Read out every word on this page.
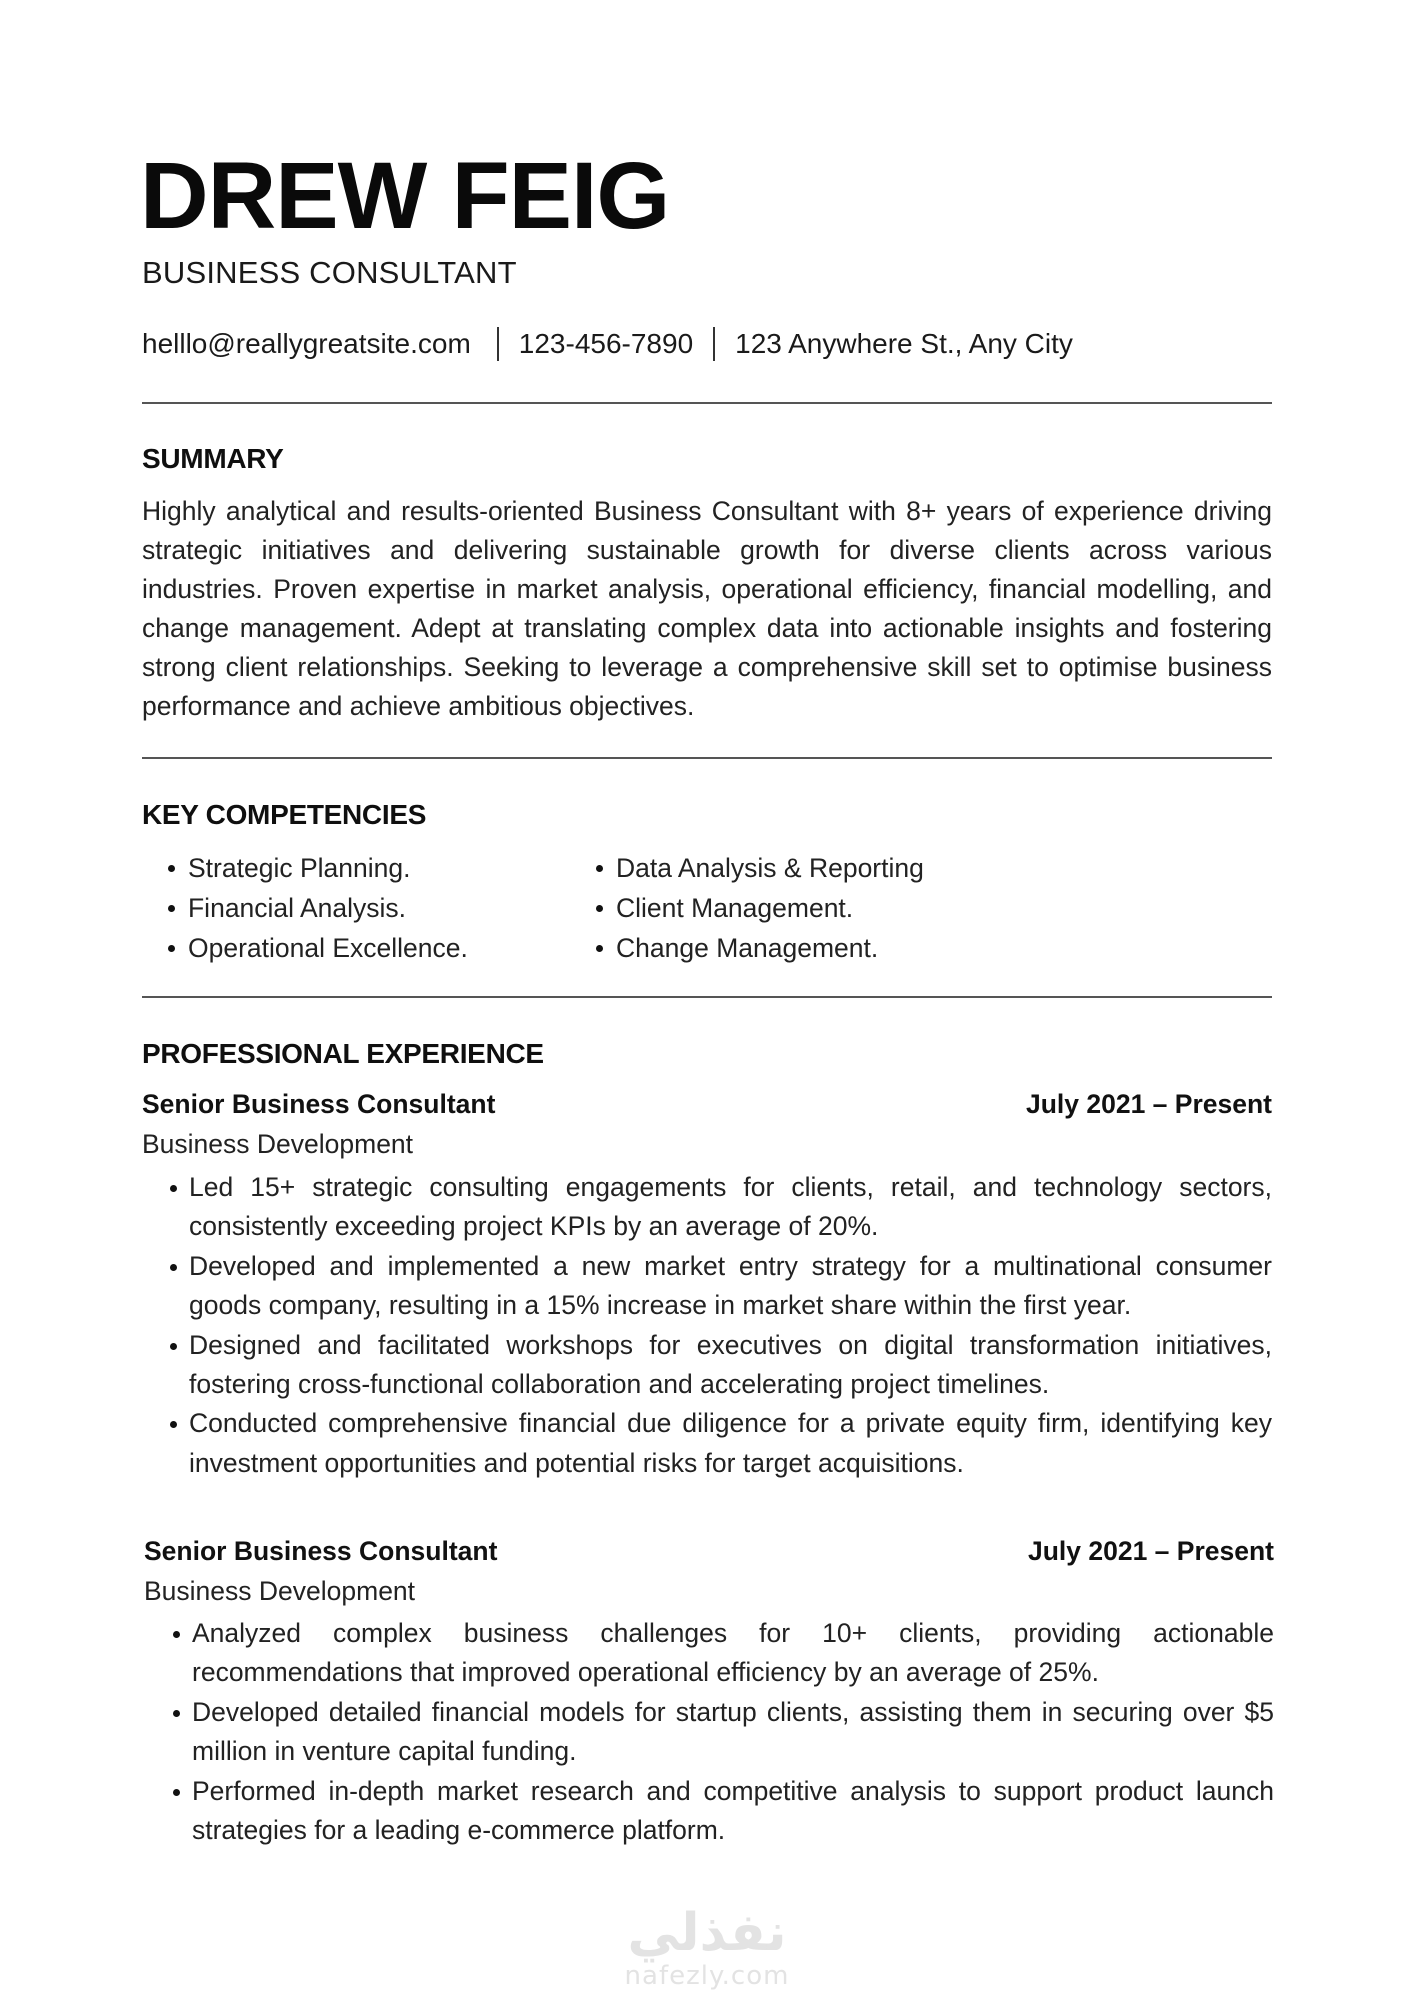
DREW FEIG
BUSINESS CONSULTANT
helllo@reallygreatsite.com 123-456-7890 123 Anywhere St., Any City
SUMMARY
Highly analytical and results-oriented Business Consultant with 8+ years of experience driving strategic initiatives and delivering sustainable growth for diverse clients across various industries. Proven expertise in market analysis, operational efficiency, financial modelling, and change management. Adept at translating complex data into actionable insights and fostering strong client relationships. Seeking to leverage a comprehensive skill set to optimise business performance and achieve ambitious objectives.
KEY COMPETENCIES
Strategic Planning.
Financial Analysis.
Operational Excellence.
Data Analysis & Reporting
Client Management.
Change Management.
PROFESSIONAL EXPERIENCE
Senior Business Consultant	July 2021 – Present
Business Development
Led 15+ strategic consulting engagements for clients, retail, and technology sectors, consistently exceeding project KPIs by an average of 20%.
Developed and implemented a new market entry strategy for a multinational consumer goods company, resulting in a 15% increase in market share within the first year.
Designed and facilitated workshops for executives on digital transformation initiatives, fostering cross-functional collaboration and accelerating project timelines.
Conducted comprehensive financial due diligence for a private equity firm, identifying key investment opportunities and potential risks for target acquisitions.
Senior Business Consultant	July 2021 – Present
Business Development
Analyzed complex business challenges for 10+ clients, providing actionable recommendations that improved operational efficiency by an average of 25%.
Developed detailed financial models for startup clients, assisting them in securing over $5 million in venture capital funding.
Performed in-depth market research and competitive analysis to support product launch strategies for a leading e-commerce platform.
نفذلي
nafezly.com
